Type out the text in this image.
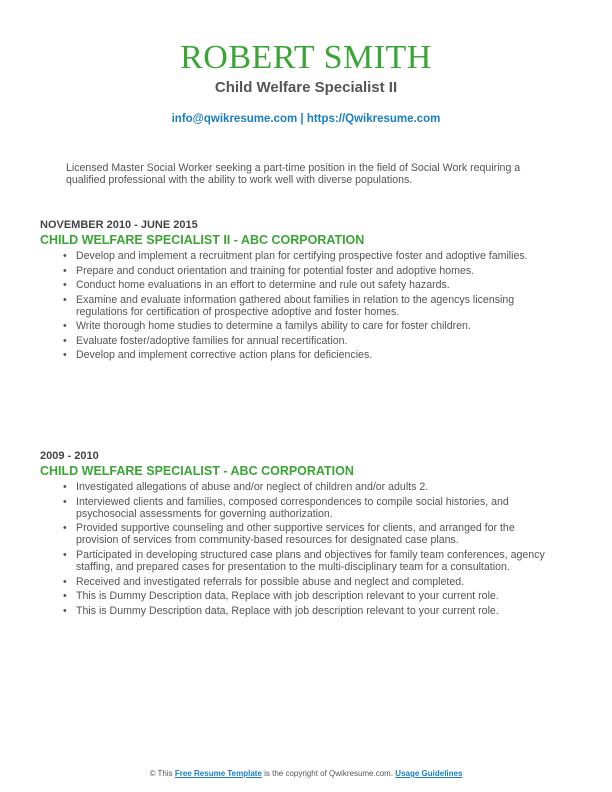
ROBERT SMITH
Child Welfare Specialist II
info@qwikresume.com | https://Qwikresume.com
Licensed Master Social Worker seeking a part-time position in the field of Social Work requiring a qualified professional with the ability to work well with diverse populations.
NOVEMBER 2010 - JUNE 2015
CHILD WELFARE SPECIALIST II - ABC CORPORATION
• Develop and implement a recruitment plan for certifying prospective foster and adoptive families.
• Prepare and conduct orientation and training for potential foster and adoptive homes.
• Conduct home evaluations in an effort to determine and rule out safety hazards.
• Examine and evaluate information gathered about families in relation to the agencys licensing regulations for certification of prospective adoptive and foster homes.
• Write thorough home studies to determine a familys ability to care for foster children.
• Evaluate foster/adoptive families for annual recertification.
• Develop and implement corrective action plans for deficiencies.
2009 - 2010
CHILD WELFARE SPECIALIST - ABC CORPORATION
• Investigated allegations of abuse and/or neglect of children and/or adults 2.
• Interviewed clients and families, composed correspondences to compile social histories, and psychosocial assessments for governing authorization.
• Provided supportive counseling and other supportive services for clients, and arranged for the provision of services from community-based resources for designated case plans.
• Participated in developing structured case plans and objectives for family team conferences, agency staffing, and prepared cases for presentation to the multi-disciplinary team for a consultation.
• Received and investigated referrals for possible abuse and neglect and completed.
• This is Dummy Description data, Replace with job description relevant to your current role.
• This is Dummy Description data, Replace with job description relevant to your current role.
© This Free Resume Template is the copyright of Qwikresume.com. Usage Guidelines
